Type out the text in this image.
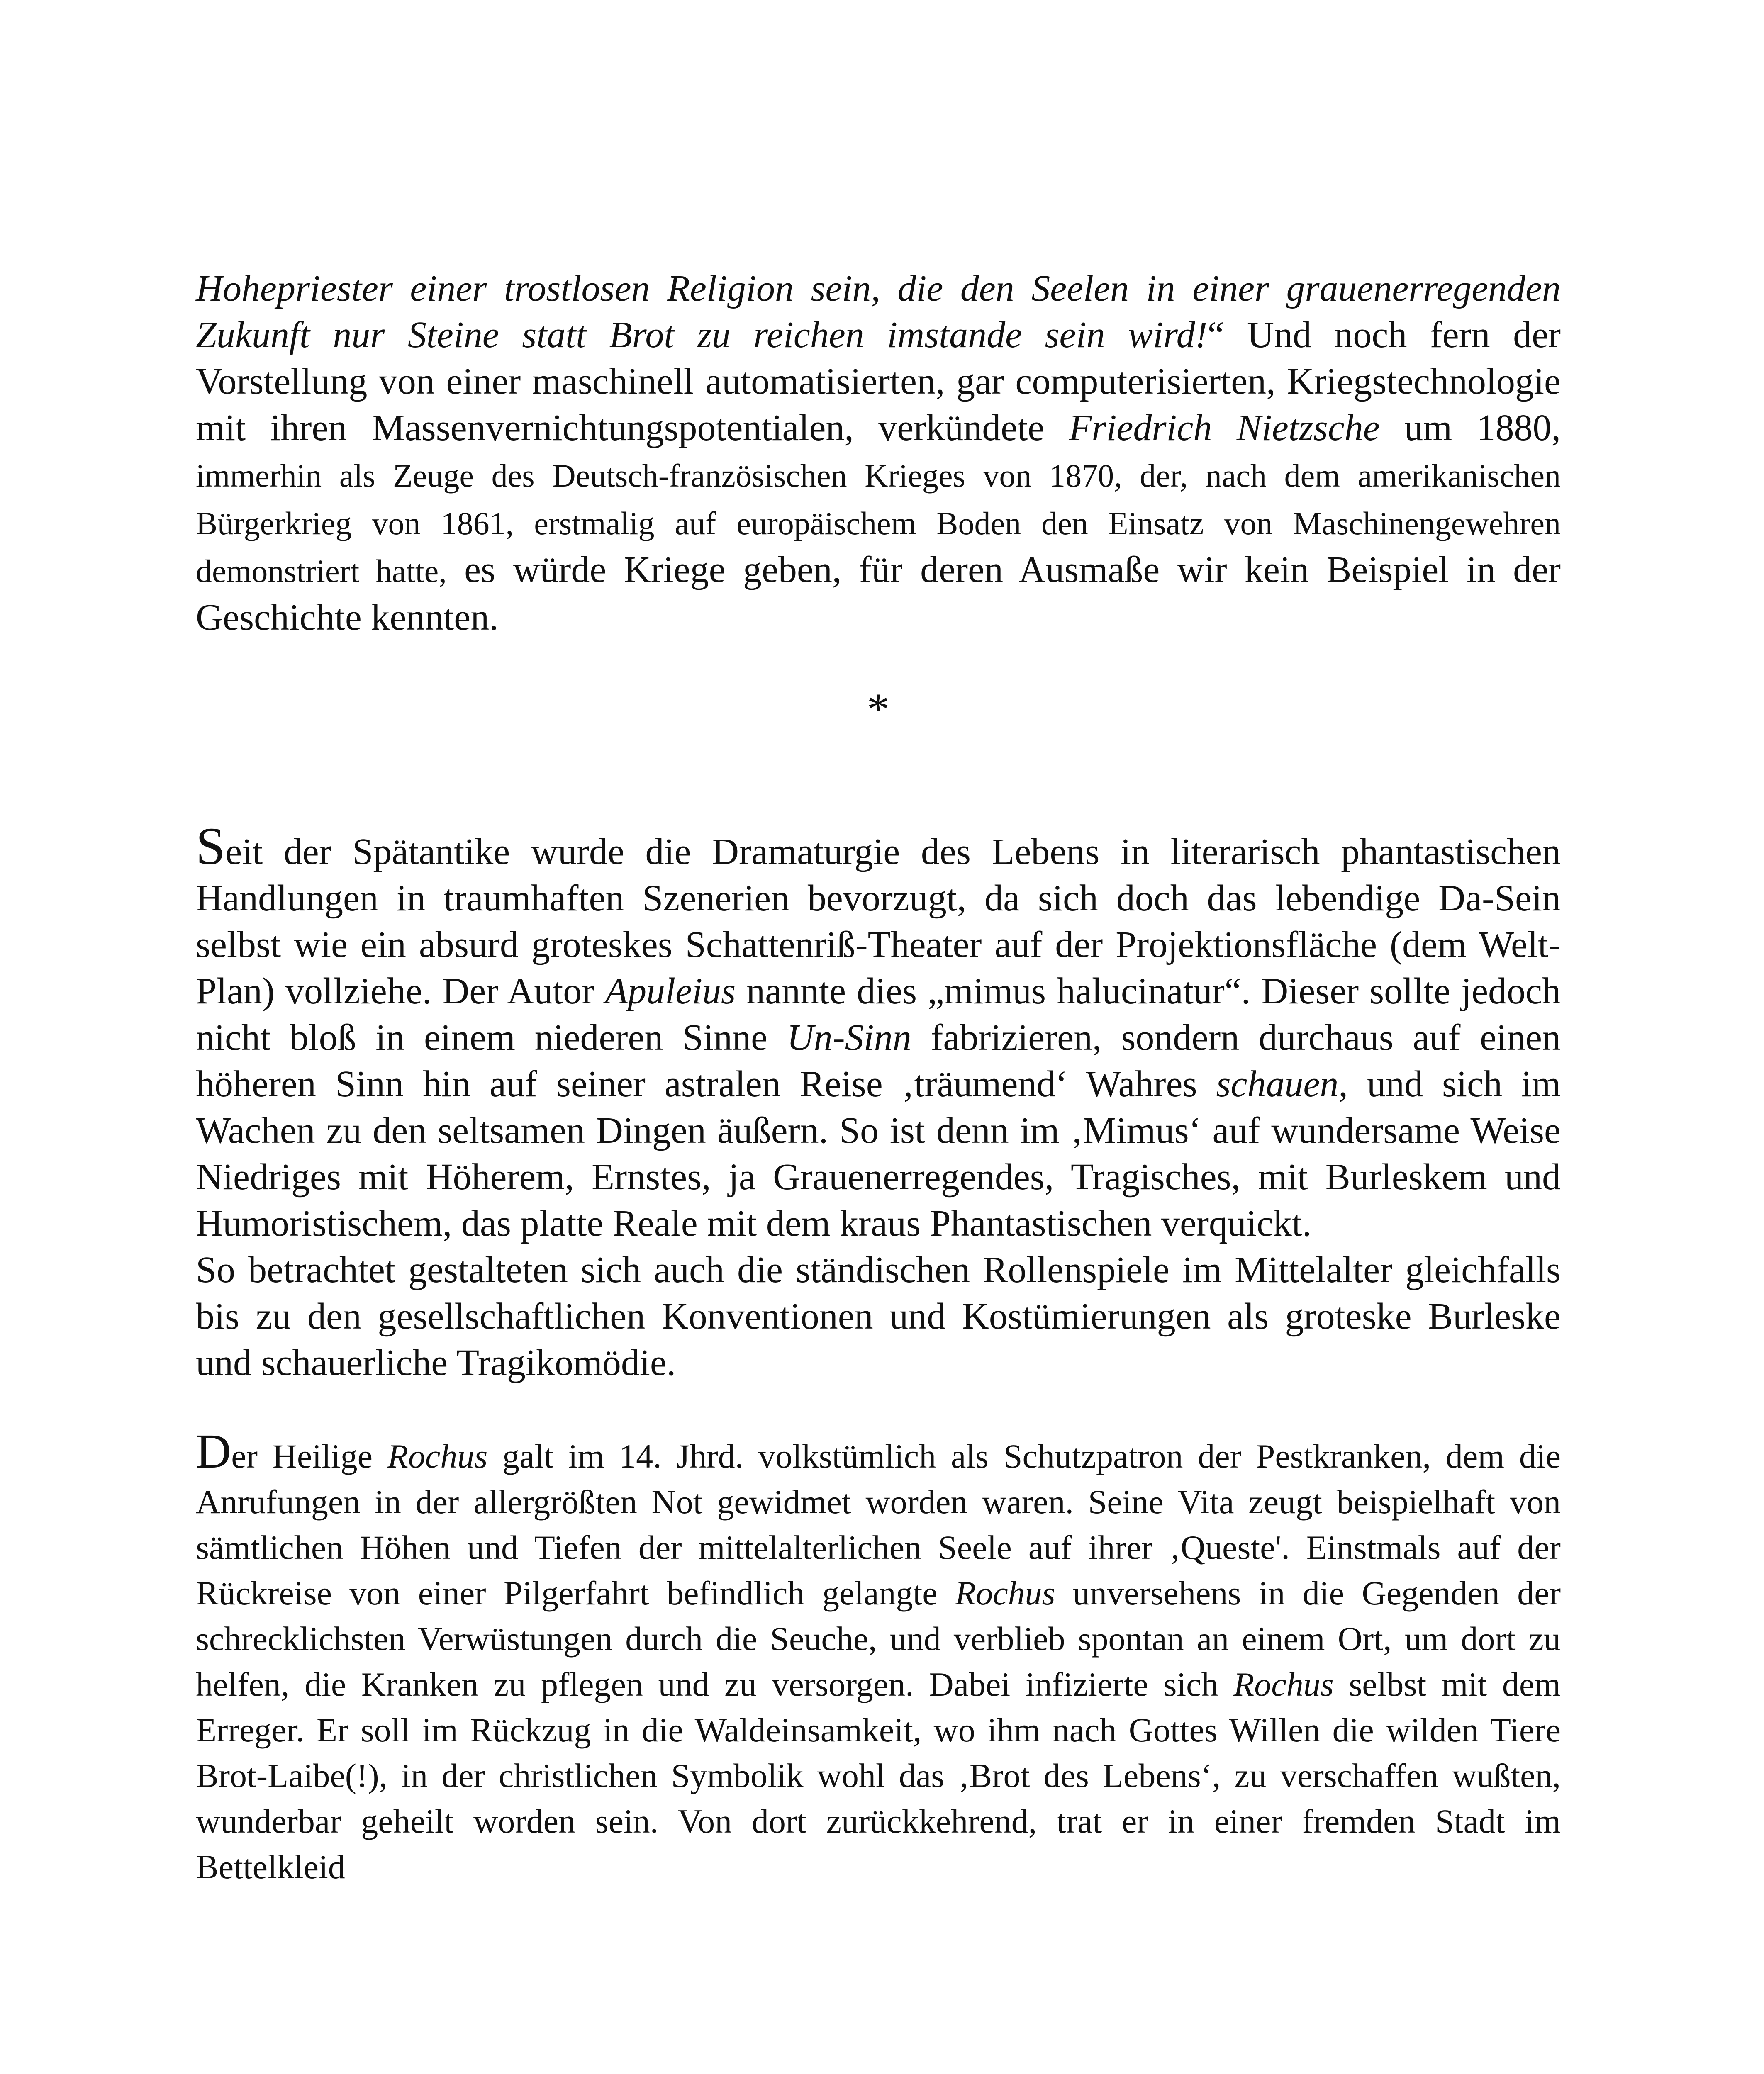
Hohepriester einer trostlosen Religion sein, die den Seelen in einer grauenerregenden Zukunft nur Steine statt Brot zu reichen imstande sein wird!“ Und noch fern der Vorstellung von einer maschinell automatisierten, gar computerisierten, Kriegstechnologie mit ihren Massenvernichtungspotentialen, verkündete Friedrich Nietzsche um 1880, immerhin als Zeuge des Deutsch-französischen Krieges von 1870, der, nach dem amerikanischen Bürgerkrieg von 1861, erstmalig auf europäischem Boden den Einsatz von Maschinengewehren demonstriert hatte, es würde Kriege geben, für deren Ausmaße wir kein Beispiel in der Geschichte kennten.

*

Seit der Spätantike wurde die Dramaturgie des Lebens in literarisch phantastischen Handlungen in traumhaften Szenerien bevorzugt, da sich doch das lebendige Da-Sein selbst wie ein absurd groteskes Schattenriß-Theater auf der Projektionsfläche (dem Welt-Plan) vollziehe. Der Autor Apuleius nannte dies „mimus halucinatur“. Dieser sollte jedoch nicht bloß in einem niederen Sinne Un-Sinn fabrizieren, sondern durchaus auf einen höheren Sinn hin auf seiner astralen Reise ‚träumend‘ Wahres schauen, und sich im Wachen zu den seltsamen Dingen äußern. So ist denn im ‚Mimus‘ auf wundersame Weise Niedriges mit Höherem, Ernstes, ja Grauenerregendes, Tragisches, mit Burleskem und Humoristischem, das platte Reale mit dem kraus Phantastischen verquickt.

So betrachtet gestalteten sich auch die ständischen Rollenspiele im Mittelalter gleichfalls bis zu den gesellschaftlichen Konventionen und Kostümierungen als groteske Burleske und schauerliche Tragikomödie.

Der Heilige Rochus galt im 14. Jhrd. volkstümlich als Schutzpatron der Pestkranken, dem die Anrufungen in der allergrößten Not gewidmet worden waren. Seine Vita zeugt beispielhaft von sämtlichen Höhen und Tiefen der mittelalterlichen Seele auf ihrer ‚Queste'. Einstmals auf der Rückreise von einer Pilgerfahrt befindlich gelangte Rochus unversehens in die Gegenden der schrecklichsten Verwüstungen durch die Seuche, und verblieb spontan an einem Ort, um dort zu helfen, die Kranken zu pflegen und zu versorgen. Dabei infizierte sich Rochus selbst mit dem Erreger. Er soll im Rückzug in die Waldeinsamkeit, wo ihm nach Gottes Willen die wilden Tiere Brot-Laibe(!), in der christlichen Symbolik wohl das ‚Brot des Lebens‘, zu verschaffen wußten, wunderbar geheilt worden sein. Von dort zurückkehrend, trat er in einer fremden Stadt im Bettelkleid
